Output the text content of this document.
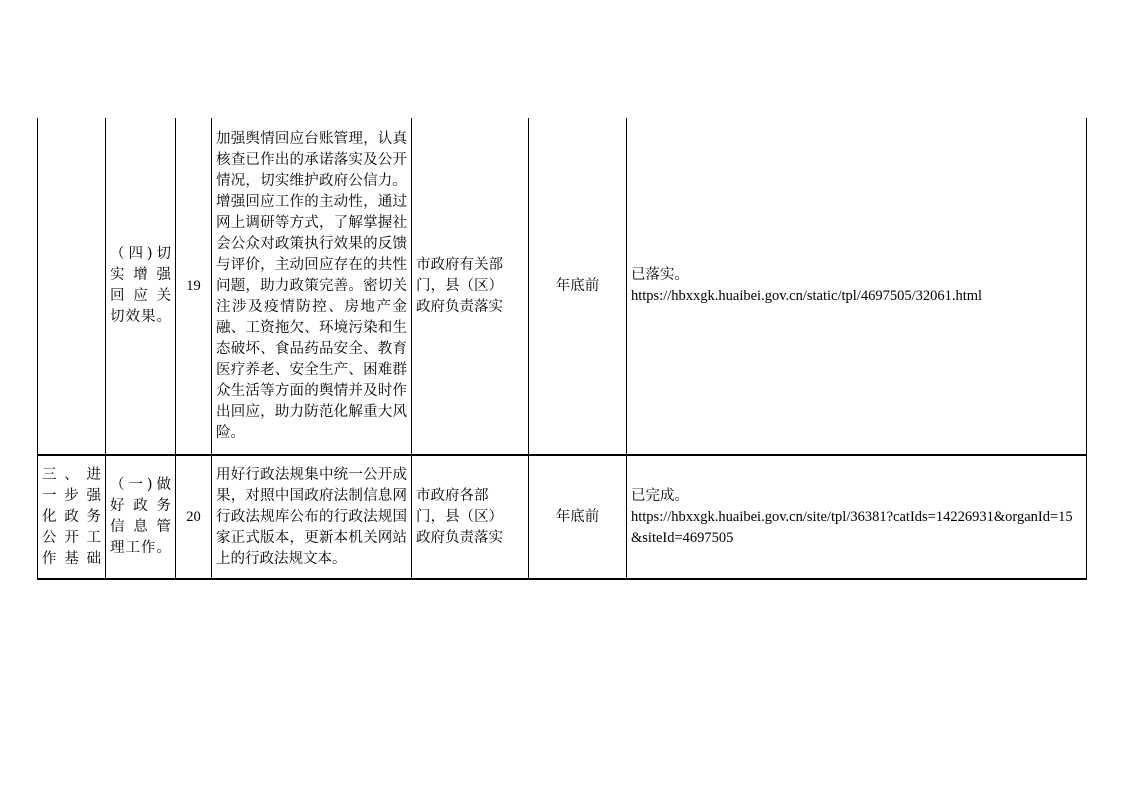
	（四)切
实 增 强
回 应 关
切效果。	19	加强舆情回应台账管理，认真核查已作出的承诺落实及公开情况，切实维护政府公信力。增强回应工作的主动性，通过网上调研等方式，了解掌握社会公众对政策执行效果的反馈与评价，主动回应存在的共性问题，助力政策完善。密切关注涉及疫情防控、房地产金融、工资拖欠、环境污染和生态破坏、食品药品安全、教育医疗养老、安全生产、困难群众生活等方面的舆情并及时作出回应，助力防范化解重大风险。	市政府有关部
门，县（区）
政府负责落实	年底前	已落实。
https://hbxxgk.huaibei.gov.cn/static/tpl/4697505/32061.html

三、进
一步强
化政务
公开工
作基础	（一)做
好 政 务
信 息 管
理工作。	20	用好行政法规集中统一公开成果，对照中国政府法制信息网行政法规库公布的行政法规国家正式版本，更新本机关网站上的行政法规文本。	市政府各部
门，县（区）
政府负责落实	年底前	已完成。
https://hbxxgk.huaibei.gov.cn/site/tpl/36381?catIds=14226931&organId=15&siteId=4697505
